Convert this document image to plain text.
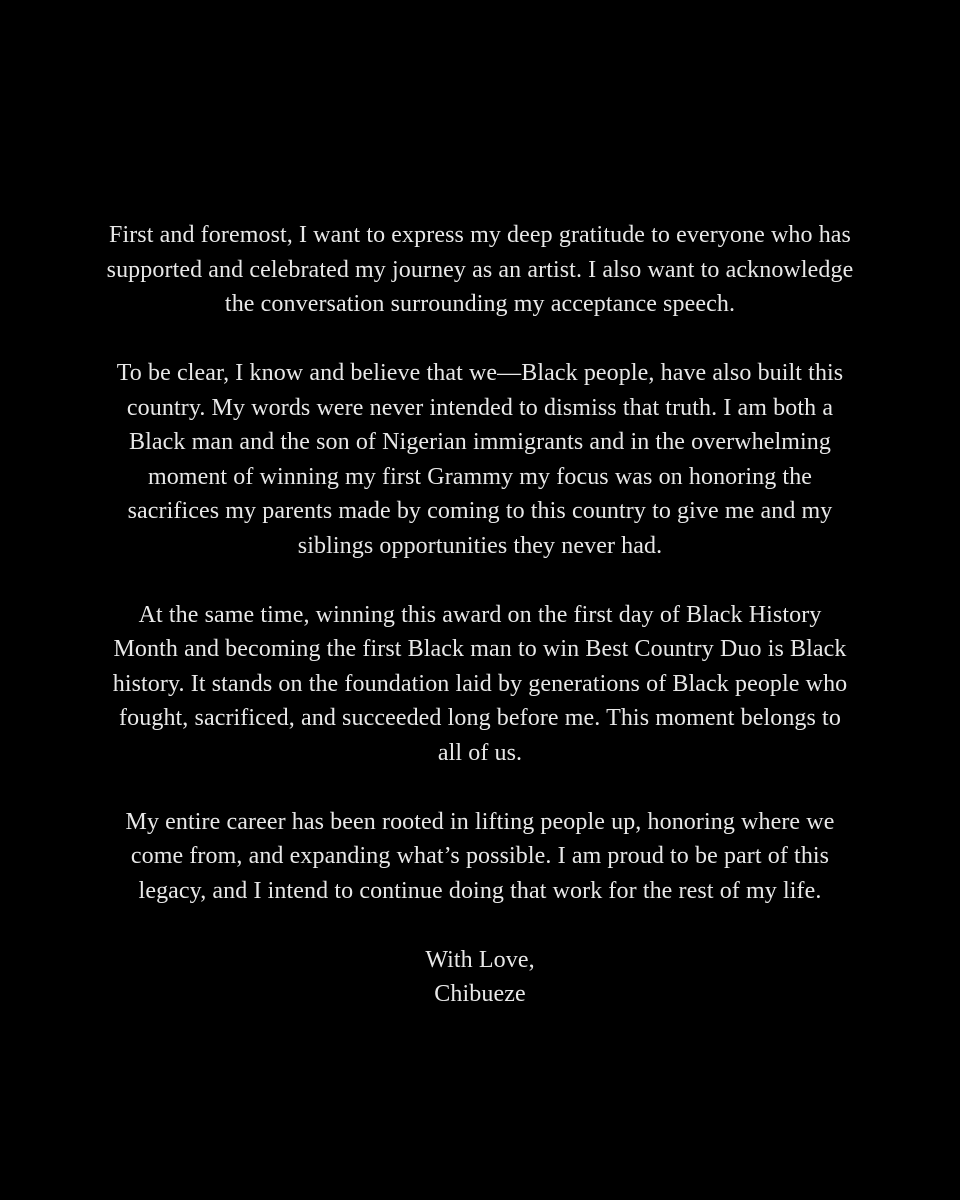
First and foremost, I want to express my deep gratitude to everyone who has
supported and celebrated my journey as an artist. I also want to acknowledge
the conversation surrounding my acceptance speech.

To be clear, I know and believe that we—Black people, have also built this
country. My words were never intended to dismiss that truth. I am both a
Black man and the son of Nigerian immigrants and in the overwhelming
moment of winning my first Grammy my focus was on honoring the
sacrifices my parents made by coming to this country to give me and my
siblings opportunities they never had.

At the same time, winning this award on the first day of Black History
Month and becoming the first Black man to win Best Country Duo is Black
history. It stands on the foundation laid by generations of Black people who
fought, sacrificed, and succeeded long before me. This moment belongs to
all of us.

My entire career has been rooted in lifting people up, honoring where we
come from, and expanding what’s possible. I am proud to be part of this
legacy, and I intend to continue doing that work for the rest of my life.

With Love,
Chibueze
